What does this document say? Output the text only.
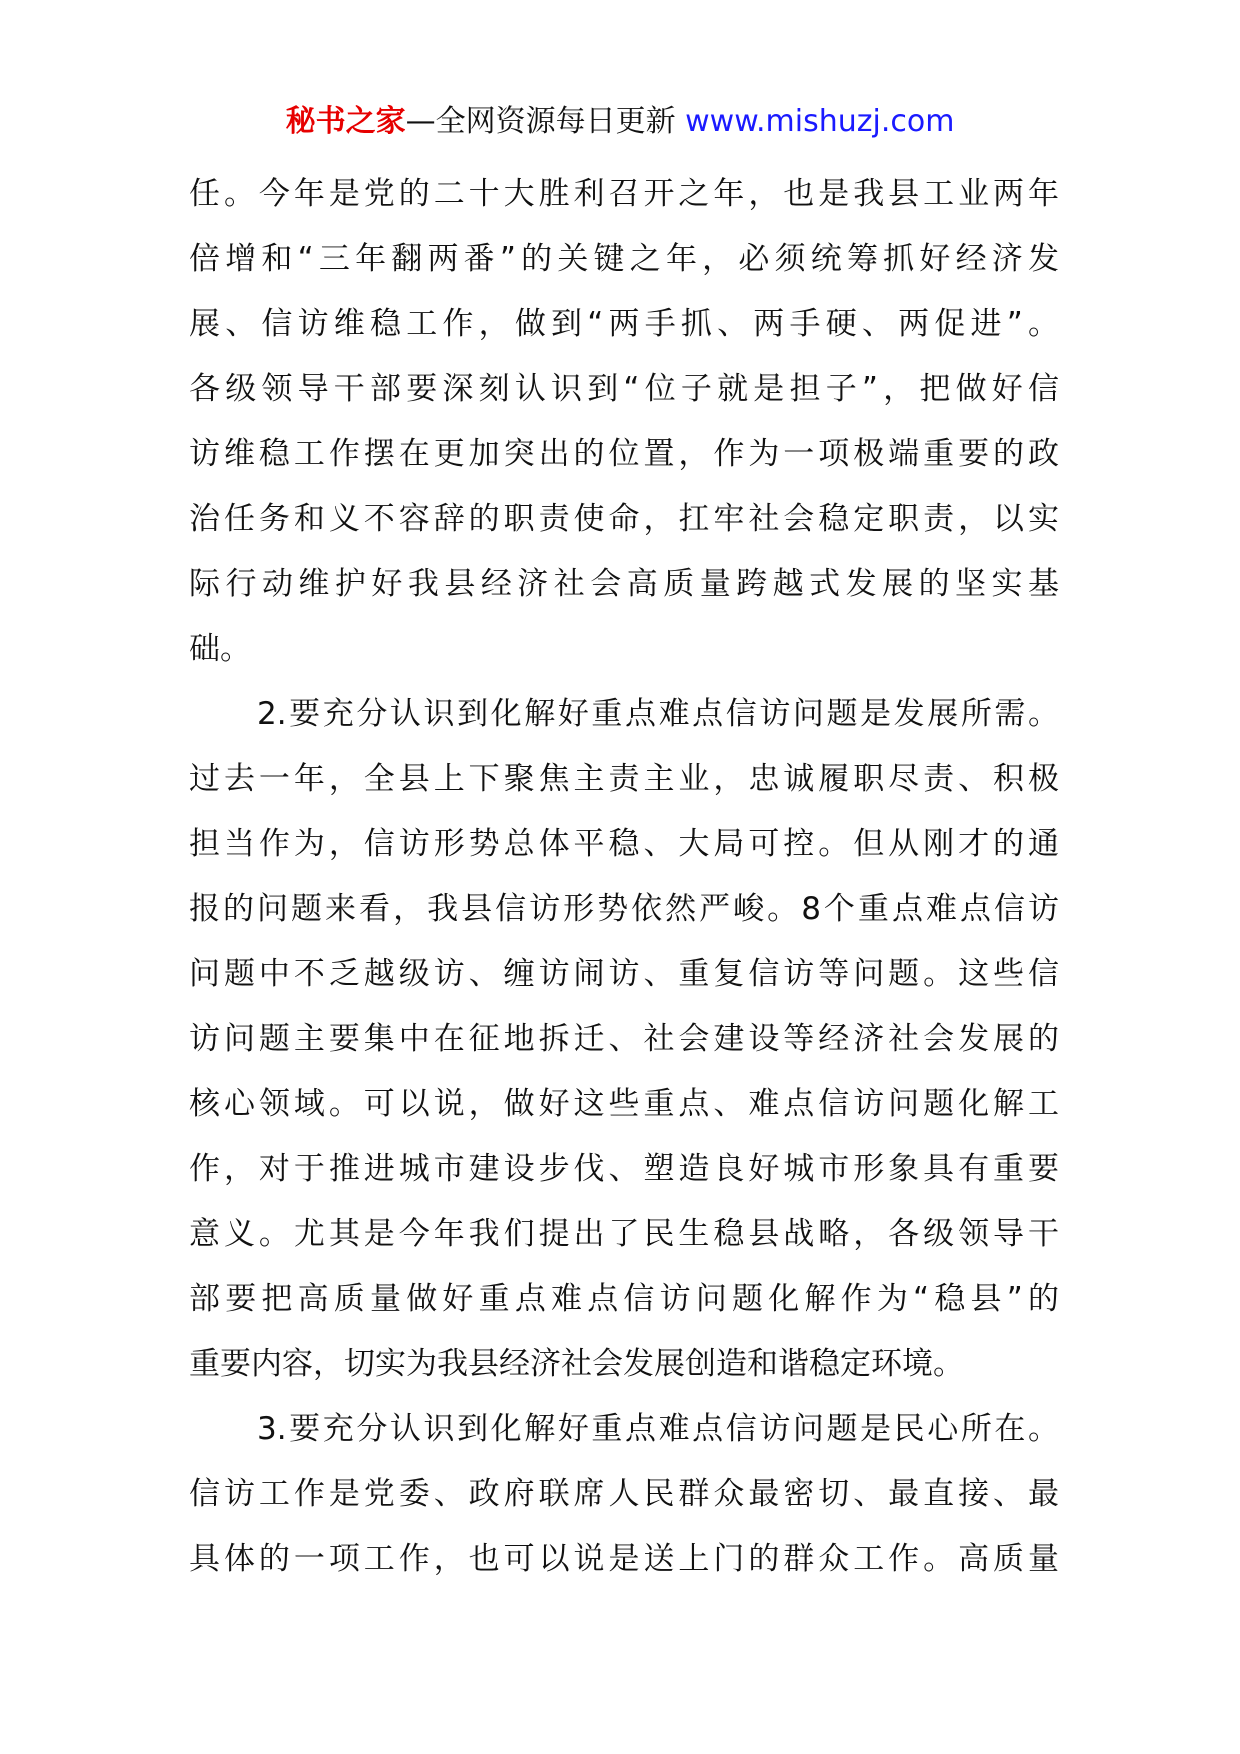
秘书之家—全网资源每日更新 www.mishuzj.com
任。今年是党的二十大胜利召开之年，也是我县工业两年
倍增和“三年翻两番”的关键之年，必须统筹抓好经济发
展、信访维稳工作，做到“两手抓、两手硬、两促进”。
各级领导干部要深刻认识到“位子就是担子”，把做好信
访维稳工作摆在更加突出的位置，作为一项极端重要的政
治任务和义不容辞的职责使命，扛牢社会稳定职责，以实
际行动维护好我县经济社会高质量跨越式发展的坚实基
础。
2.要充分认识到化解好重点难点信访问题是发展所需。
过去一年，全县上下聚焦主责主业，忠诚履职尽责、积极
担当作为，信访形势总体平稳、大局可控。但从刚才的通
报的问题来看，我县信访形势依然严峻。8个重点难点信访
问题中不乏越级访、缠访闹访、重复信访等问题。这些信
访问题主要集中在征地拆迁、社会建设等经济社会发展的
核心领域。可以说，做好这些重点、难点信访问题化解工
作，对于推进城市建设步伐、塑造良好城市形象具有重要
意义。尤其是今年我们提出了民生稳县战略，各级领导干
部要把高质量做好重点难点信访问题化解作为“稳县”的
重要内容，切实为我县经济社会发展创造和谐稳定环境。
3.要充分认识到化解好重点难点信访问题是民心所在。
信访工作是党委、政府联席人民群众最密切、最直接、最
具体的一项工作，也可以说是送上门的群众工作。高质量
